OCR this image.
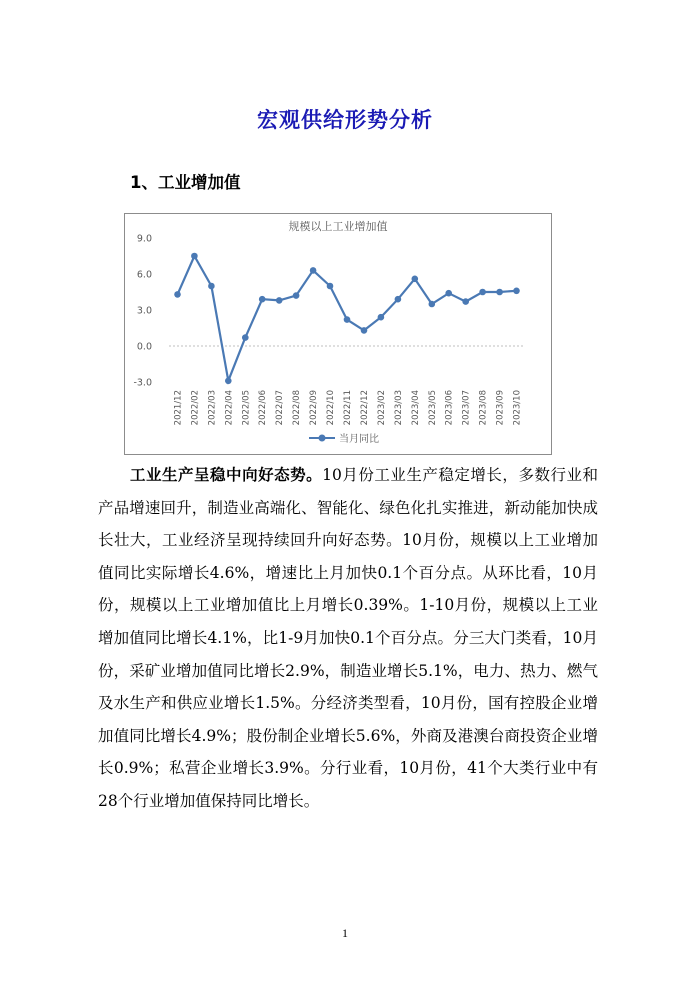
宏观供给形势分析
1、工业增加值
规模以上工业增加值
9.0
6.0
3.0
0.0
-3.0
2021/12 2022/02 2022/03 2022/04 2022/05 2022/06 2022/07 2022/08 2022/09 2022/10 2022/11 2022/12 2023/02 2023/03 2023/04 2023/05 2023/06 2023/07 2023/08 2023/09 2023/10
当月同比

工业生产呈稳中向好态势。10月份工业生产稳定增长，多数行业和产品增速回升，制造业高端化、智能化、绿色化扎实推进，新动能加快成长壮大，工业经济呈现持续回升向好态势。10月份，规模以上工业增加值同比实际增长4.6%，增速比上月加快0.1个百分点。从环比看，10月份，规模以上工业增加值比上月增长0.39%。1-10月份，规模以上工业增加值同比增长4.1%，比1-9月加快0.1个百分点。分三大门类看，10月份，采矿业增加值同比增长2.9%，制造业增长5.1%，电力、热力、燃气及水生产和供应业增长1.5%。分经济类型看，10月份，国有控股企业增加值同比增长4.9%；股份制企业增长5.6%，外商及港澳台商投资企业增长0.9%；私营企业增长3.9%。分行业看，10月份，41个大类行业中有28个行业增加值保持同比增长。

1
